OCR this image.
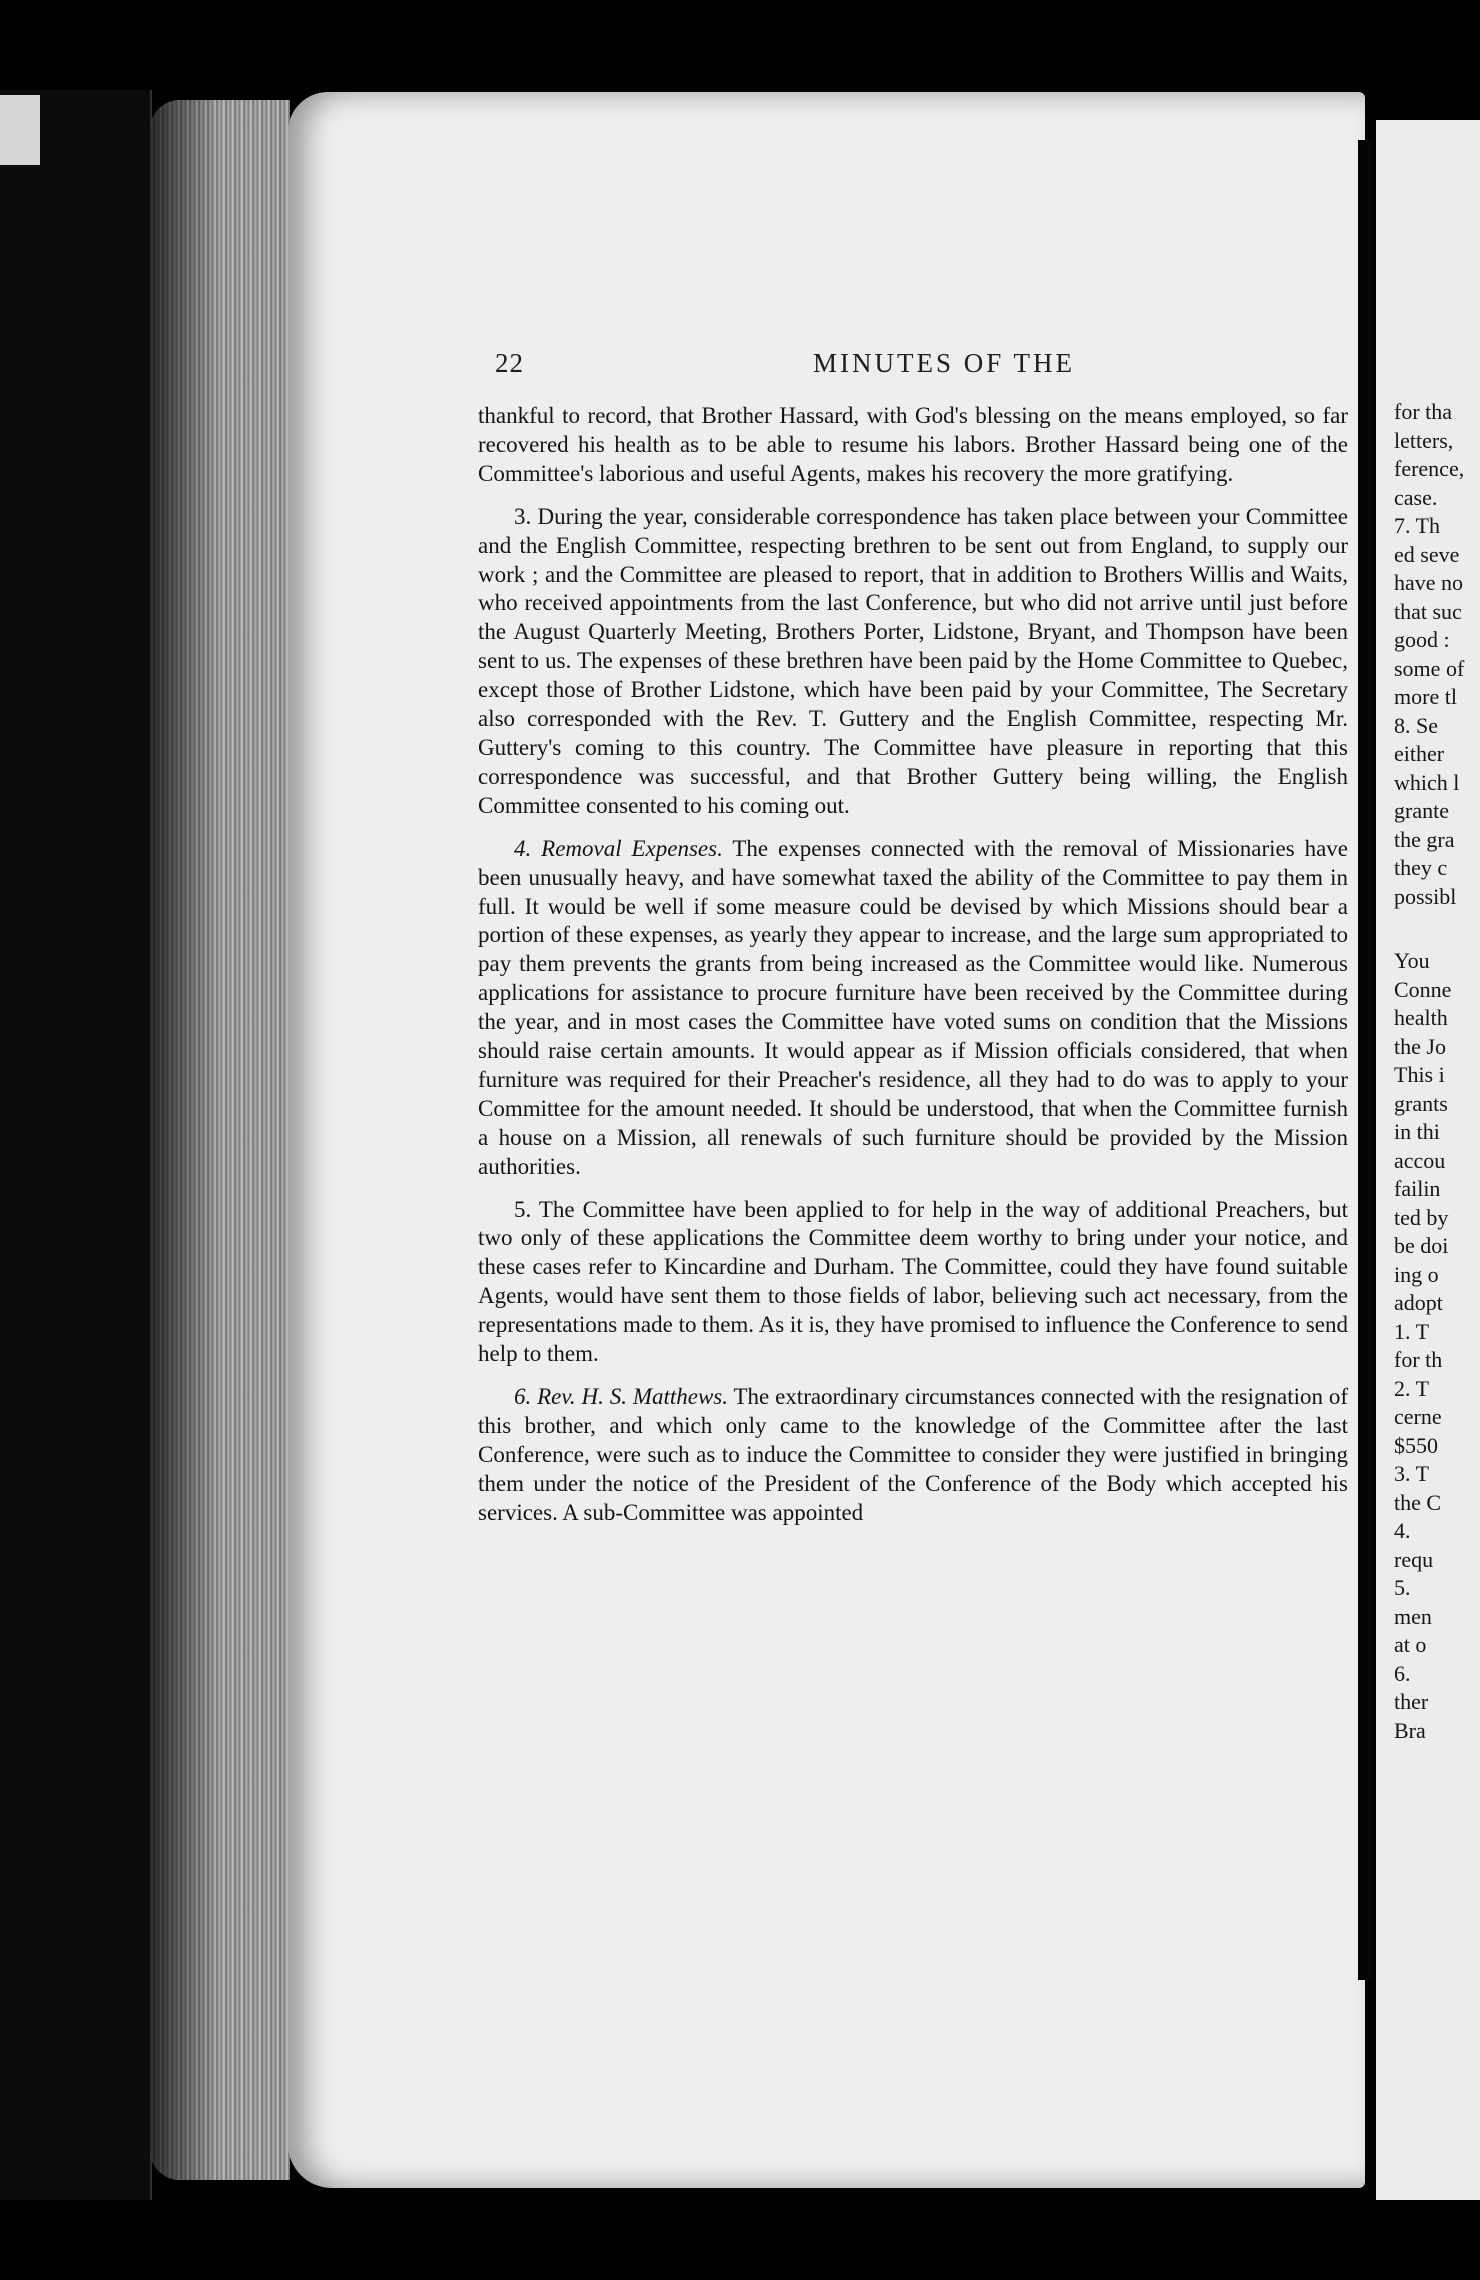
22	MINUTES OF THE

thankful to record, that Brother Hassard, with God's blessing on the means employed, so far recovered his health as to be able to resume his labors. Brother Hassard being one of the Committee's laborious and useful Agents, makes his recovery the more gratifying.

3. During the year, considerable correspondence has taken place between your Committee and the English Committee, respecting brethren to be sent out from England, to supply our work ; and the Committee are pleased to report, that in addition to Brothers Willis and Waits, who received appointments from the last Conference, but who did not arrive until just before the August Quarterly Meeting, Brothers Porter, Lidstone, Bryant, and Thompson have been sent to us. The expenses of these brethren have been paid by the Home Committee to Quebec, except those of Brother Lidstone, which have been paid by your Committee, The Secretary also corresponded with the Rev. T. Guttery and the English Committee, respecting Mr. Guttery's coming to this country. The Committee have pleasure in reporting that this correspondence was successful, and that Brother Guttery being willing, the English Committee consented to his coming out.

4. Removal Expenses. The expenses connected with the removal of Missionaries have been unusually heavy, and have somewhat taxed the ability of the Committee to pay them in full. It would be well if some measure could be devised by which Missions should bear a portion of these expenses, as yearly they appear to increase, and the large sum appropriated to pay them prevents the grants from being increased as the Committee would like. Numerous applications for assistance to procure furniture have been received by the Committee during the year, and in most cases the Committee have voted sums on condition that the Missions should raise certain amounts. It would appear as if Mission officials considered, that when furniture was required for their Preacher's residence, all they had to do was to apply to your Committee for the amount needed. It should be understood, that when the Committee furnish a house on a Mission, all renewals of such furniture should be provided by the Mission authorities.

5. The Committee have been applied to for help in the way of additional Preachers, but two only of these applications the Committee deem worthy to bring under your notice, and these cases refer to Kincardine and Durham. The Committee, could they have found suitable Agents, would have sent them to those fields of labor, believing such act necessary, from the representations made to them. As it is, they have promised to influence the Conference to send help to them.

6. Rev. H. S. Matthews. The extraordinary circumstances connected with the resignation of this brother, and which only came to the knowledge of the Committee after the last Conference, were such as to induce the Committee to consider they were justified in bringing them under the notice of the President of the Conference of the Body which accepted his services. A sub-Committee was appointed

for tha
letters,
ference,
case.
7. Th
ed seve
have no
that suc
good :
some of
more tl
8. Se
either
which l
grante
the gra
they c
possibl
You
Conne
health
the Jo
This i
grants
in thi
accou
failin
ted by
be doi
ing o
adopt
1. T
for th
2. T
cerne
$550
3. T
the C
4.
requ
5.
men
at o
6.
ther
Bra
